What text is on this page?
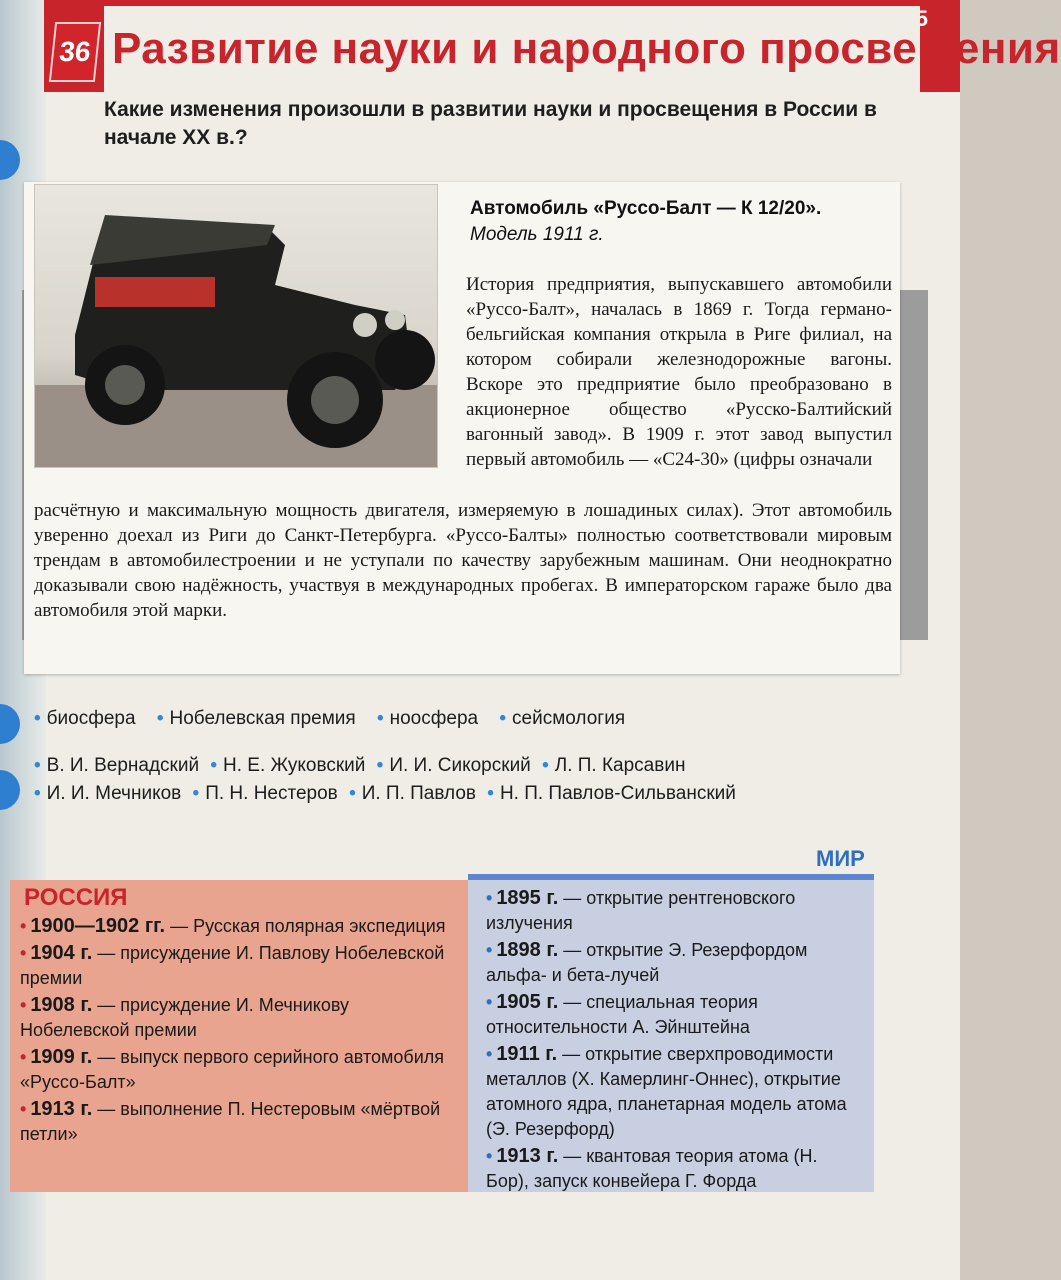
36 Развитие науки и народного просвещения
Какие изменения произошли в развитии науки и просвещения в России в начале XX в.?
Автомобиль «Руссо-Балт — К 12/20».
Модель 1911 г.
История предприятия, выпускавшего автомобили «Руссо-Балт», началась в 1869 г. Тогда германо-бельгийская компания открыла в Риге филиал, на котором собирали железнодорожные вагоны. Вскоре это предприятие было преобразовано в акционерное общество «Русско-Балтийский вагонный завод». В 1909 г. этот завод выпустил первый автомобиль — «С24-30» (цифры означали
расчётную и максимальную мощность двигателя, измеряемую в лошадиных силах). Этот автомобиль уверенно доехал из Риги до Санкт-Петербурга. «Руссо-Балты» полностью соответствовали мировым трендам в автомобилестроении и не уступали по качеству зарубежным машинам. Они неоднократно доказывали свою надёжность, участвуя в международных пробегах. В императорском гараже было два автомобиля этой марки.
• биосфера • Нобелевская премия • ноосфера • сейсмология
• В. И. Вернадский • Н. Е. Жуковский • И. И. Сикорский • Л. П. Карсавин
• И. И. Мечников • П. Н. Нестеров • И. П. Павлов • Н. П. Павлов-Сильванский
МИР
РОССИЯ
• 1900—1902 гг. — Русская полярная экспедиция
• 1904 г. — присуждение И. Павлову Нобелевской премии
• 1908 г. — присуждение И. Мечникову Нобелевской премии
• 1909 г. — выпуск первого серийного автомобиля «Руссо-Балт»
• 1913 г. — выполнение П. Нестеровым «мёртвой петли»
• 1895 г. — открытие рентгеновского излучения
• 1898 г. — открытие Э. Резерфордом альфа- и бета-лучей
• 1905 г. — специальная теория относительности А. Эйнштейна
• 1911 г. — открытие сверхпроводимости металлов (Х. Камерлинг-Оннес), открытие атомного ядра, планетарная модель атома (Э. Резерфорд)
• 1913 г. — квантовая теория атома (Н. Бор), запуск конвейера Г. Форда
